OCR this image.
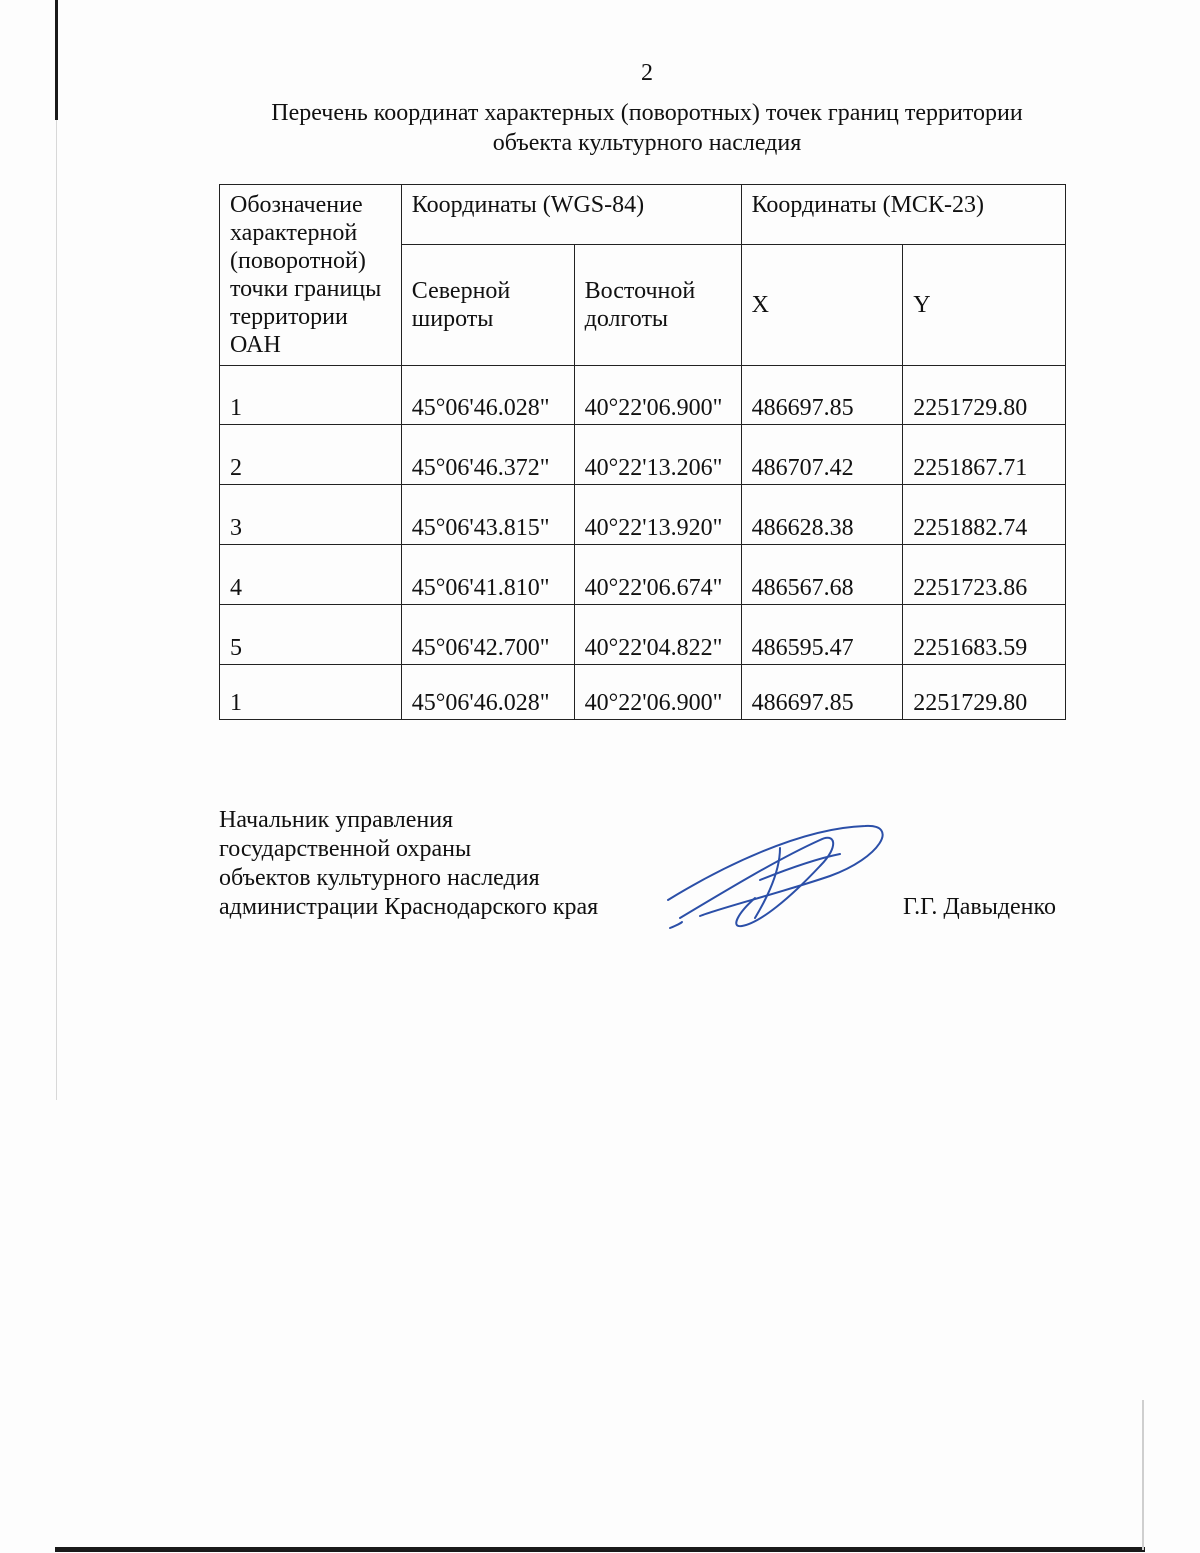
2
Перечень координат характерных (поворотных) точек границ территории
объекта культурного наследия
Обозначение характерной (поворотной) точки границы территории ОАН	Координаты (WGS-84)		Координаты (МСК-23)	
	Северной широты	Восточной долготы	X	Y
1	45°06'46.028"	40°22'06.900"	486697.85	2251729.80
2	45°06'46.372"	40°22'13.206"	486707.42	2251867.71
3	45°06'43.815"	40°22'13.920"	486628.38	2251882.74
4	45°06'41.810"	40°22'06.674"	486567.68	2251723.86
5	45°06'42.700"	40°22'04.822"	486595.47	2251683.59
1	45°06'46.028"	40°22'06.900"	486697.85	2251729.80
Начальник управления
государственной охраны
объектов культурного наследия
администрации Краснодарского края	Г.Г. Давыденко
